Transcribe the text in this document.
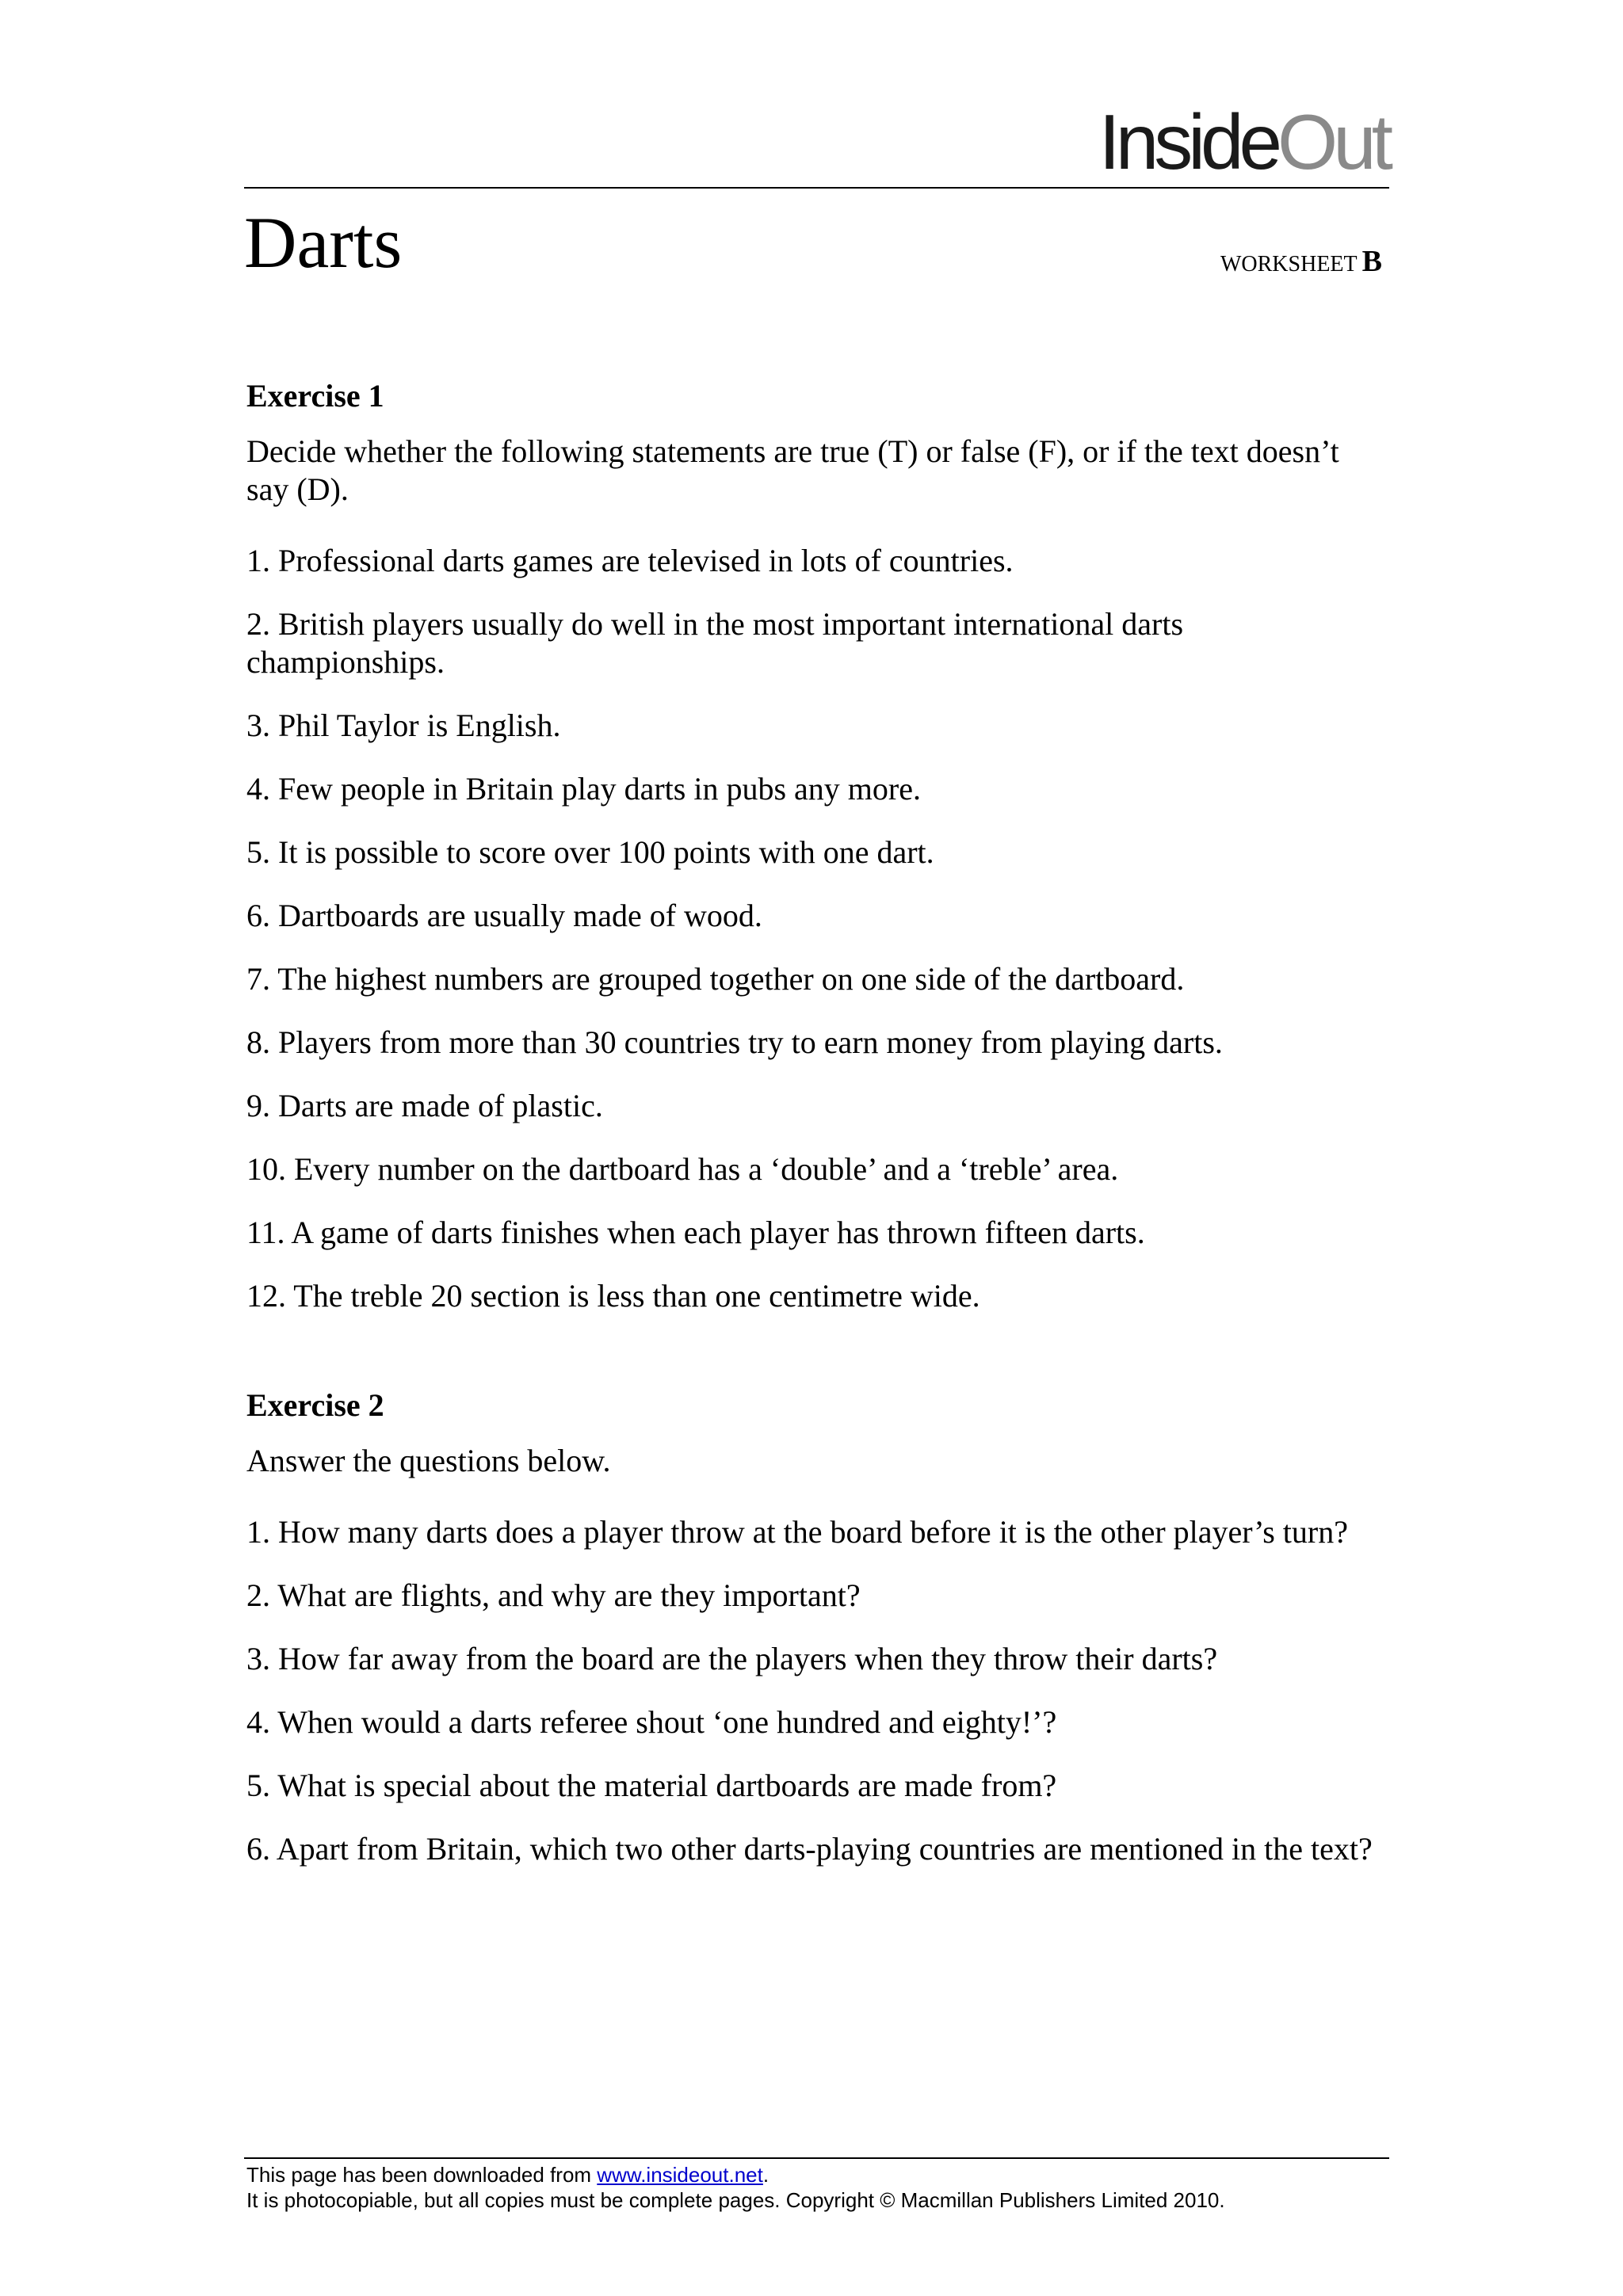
InsideOut
Darts	WORKSHEET B
Exercise 1
Decide whether the following statements are true (T) or false (F), or if the text doesn’t say (D).
1. Professional darts games are televised in lots of countries.
2. British players usually do well in the most important international darts championships.
3. Phil Taylor is English.
4. Few people in Britain play darts in pubs any more.
5. It is possible to score over 100 points with one dart.
6. Dartboards are usually made of wood.
7. The highest numbers are grouped together on one side of the dartboard.
8. Players from more than 30 countries try to earn money from playing darts.
9. Darts are made of plastic.
10. Every number on the dartboard has a ‘double’ and a ‘treble’ area.
11. A game of darts finishes when each player has thrown fifteen darts.
12. The treble 20 section is less than one centimetre wide.
Exercise 2
Answer the questions below.
1. How many darts does a player throw at the board before it is the other player’s turn?
2. What are flights, and why are they important?
3. How far away from the board are the players when they throw their darts?
4. When would a darts referee shout ‘one hundred and eighty!’?
5. What is special about the material dartboards are made from?
6. Apart from Britain, which two other darts-playing countries are mentioned in the text?
This page has been downloaded from www.insideout.net.
It is photocopiable, but all copies must be complete pages. Copyright © Macmillan Publishers Limited 2010.
